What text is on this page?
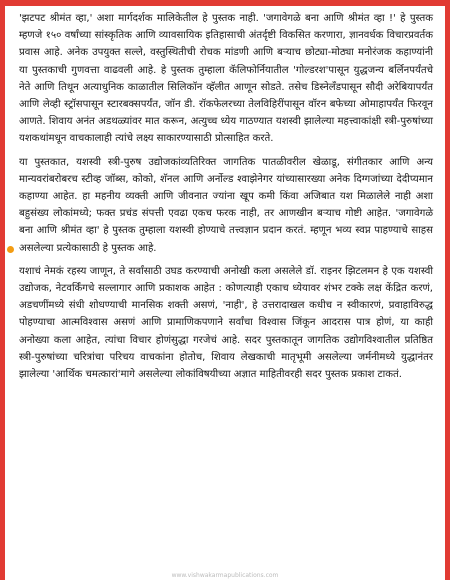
'झटपट श्रीमंत व्हा,' अशा मार्गदर्शक मालिकेतील हे पुस्तक नाही. 'जगावेगळे बना आणि श्रीमंत व्हा !' हे पुस्तक म्हणजे १५० वर्षांच्या सांस्कृतिक आणि व्यावसायिक इतिहासाची अंतर्दृष्टी विकसित करणारा, ज्ञानवर्धक विचारप्रवर्तक प्रवास आहे. अनेक उपयुक्त सल्ले, वस्तुस्थितीची रोचक मांडणी आणि बऱ्याच छोट्या-मोठ्या मनोरंजक कहाण्यांनी या पुस्तकाची गुणवत्ता वाढवली आहे. हे पुस्तक तुम्हाला कॅलिफोर्नियातील 'गोल्डरश'पासून युद्धजन्य बर्लिनपर्यंतचे नेते आणि तिथून अत्याधुनिक काळातील सिलिकॉन व्हॅलीत आणून सोडते. तसेच डिस्नेलँडपासून सौदी अरेबियापर्यंत आणि लेव्ही स्ट्रॉसपासून स्टारबक्सपर्यंत, जॉन डी. रॉकफेलरच्या तेलविहिरींपासून वॉरन बफेच्या ओमाहापर्यंत फिरवून आणते. शिवाय अनंत अडथळ्यांवर मात करून, अत्युच्च ध्येय गाठण्यात यशस्वी झालेल्या महत्त्वाकांक्षी स्त्री-पुरुषांच्या यशकथांमधून वाचकालाही त्यांचे लक्ष्य साकारण्यासाठी प्रोत्साहित करते.

या पुस्तकात, यशस्वी स्त्री-पुरुष उद्योजकांव्यतिरिक्त जागतिक पातळीवरील खेळाडू, संगीतकार आणि अन्य मान्यवरांबरोबरच स्टीव्ह जॉब्स, कोको, शॅनल आणि अर्नोल्ड श्वाझेनेगर यांच्यासारख्या अनेक दिग्गजांच्या देदीप्यमान कहाण्या आहेत. हा महनीय व्यक्ती आणि जीवनात ज्यांना खूप कमी किंवा अजिबात यश मिळालेले नाही अशा बहुसंख्य लोकांमध्ये; फक्त प्रचंड संपत्ती एवढा एकच फरक नाही, तर आणखीन बऱ्याच गोष्टी आहेत. 'जगावेगळे बना आणि श्रीमंत व्हा' हे पुस्तक तुम्हाला यशस्वी होण्याचे तत्त्वज्ञान प्रदान करतं. म्हणून भव्य स्वप्न पाहण्याचे साहस असलेल्या प्रत्येकासाठी हे पुस्तक आहे.

यशाचं नेमकं रहस्य जाणून, ते सर्वांसाठी उघड करण्याची अनोखी कला असलेले डॉ. राइनर झिटलमन हे एक यशस्वी उद्योजक, नेटवर्किंगचे सल्लागार आणि प्रकाशक आहेत : कोणत्याही एकाच ध्येयावर शंभर टक्के लक्ष केंद्रित करणं, अडचणींमध्ये संधी शोधण्याची मानसिक शक्ती असणं, 'नाही', हे उत्तरादाखल कधीच न स्वीकारणं, प्रवाहाविरुद्ध पोहण्याचा आत्मविश्वास असणं आणि प्रामाणिकपणाने सर्वांचा विश्वास जिंकून आदरास पात्र होणं, या काही अनोख्या कला आहेत, त्यांचा विचार होणंसुद्धा गरजेचं आहे. सदर पुस्तकातून जागतिक उद्योगविश्वातील प्रतिष्ठित स्त्री-पुरुषांच्या चरित्रांचा परिचय वाचकांना होतोच, शिवाय लेखकाची मातृभूमी असलेल्या जर्मनीमध्ये युद्धानंतर झालेल्या 'आर्थिक चमत्कारां'मागे असलेल्या लोकांविषयीच्या अज्ञात माहितीवरही सदर पुस्तक प्रकाश टाकतं.

www.vishwakarmapublications.com
